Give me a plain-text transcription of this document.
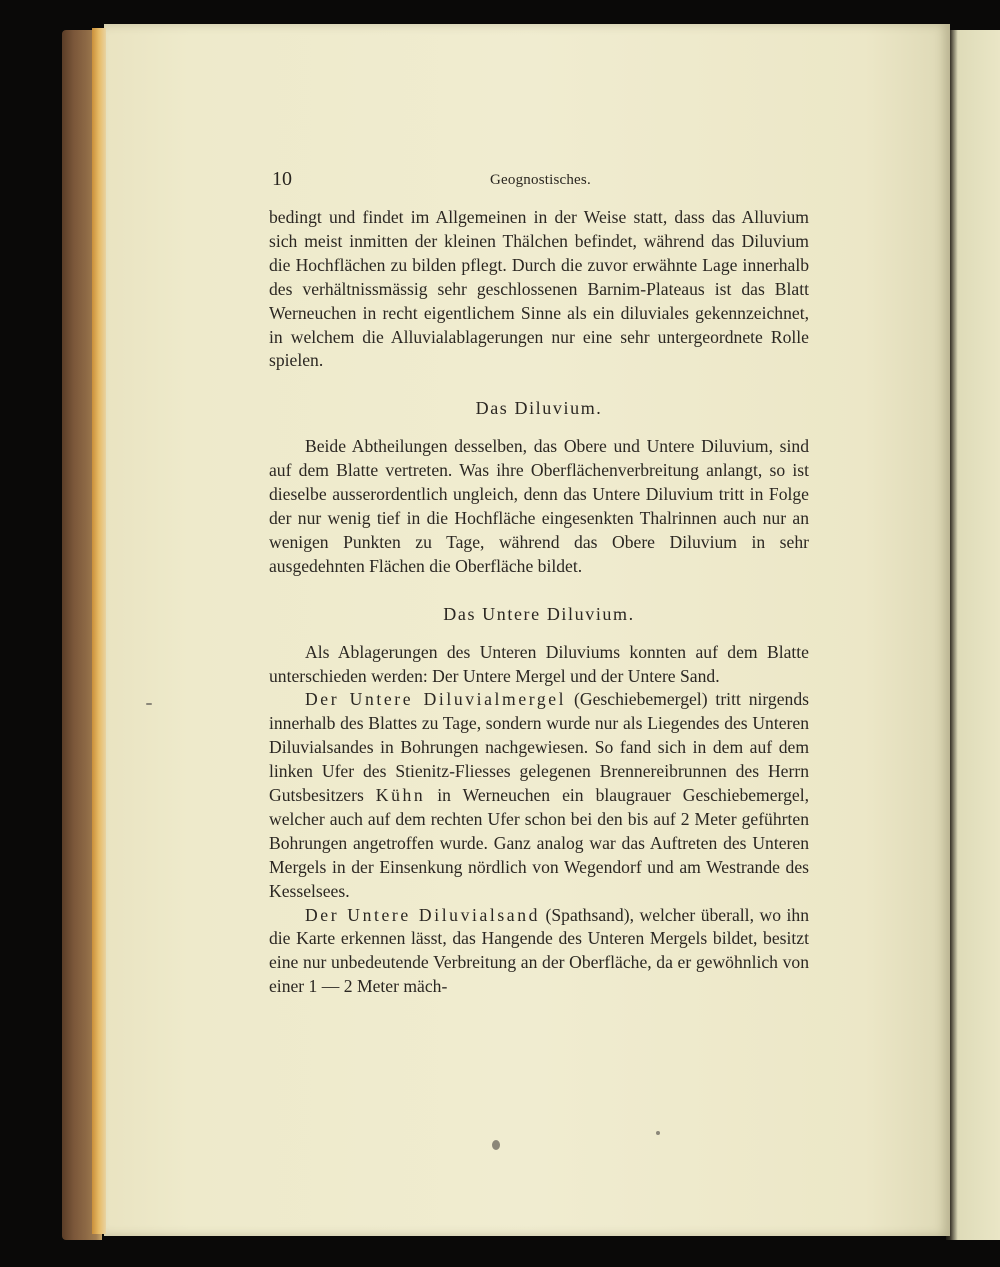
10	Geognostisches.

bedingt und findet im Allgemeinen in der Weise statt, dass das Alluvium sich meist inmitten der kleinen Thälchen befindet, während das Diluvium die Hochflächen zu bilden pflegt. Durch die zuvor erwähnte Lage innerhalb des verhältnissmässig sehr geschlossenen Barnim-Plateaus ist das Blatt Werneuchen in recht eigentlichem Sinne als ein diluviales gekennzeichnet, in welchem die Alluvialablagerungen nur eine sehr untergeordnete Rolle spielen.

Das Diluvium.

Beide Abtheilungen desselben, das Obere und Untere Diluvium, sind auf dem Blatte vertreten. Was ihre Oberflächenverbreitung anlangt, so ist dieselbe ausserordentlich ungleich, denn das Untere Diluvium tritt in Folge der nur wenig tief in die Hochfläche eingesenkten Thalrinnen auch nur an wenigen Punkten zu Tage, während das Obere Diluvium in sehr ausgedehnten Flächen die Oberfläche bildet.

Das Untere Diluvium.

Als Ablagerungen des Unteren Diluviums konnten auf dem Blatte unterschieden werden: Der Untere Mergel und der Untere Sand.

Der Untere Diluvialmergel (Geschiebemergel) tritt nirgends innerhalb des Blattes zu Tage, sondern wurde nur als Liegendes des Unteren Diluvialsandes in Bohrungen nachgewiesen. So fand sich in dem auf dem linken Ufer des Stienitz-Fliesses gelegenen Brennereibrunnen des Herrn Gutsbesitzers Kühn in Werneuchen ein blaugrauer Geschiebemergel, welcher auch auf dem rechten Ufer schon bei den bis auf 2 Meter geführten Bohrungen angetroffen wurde. Ganz analog war das Auftreten des Unteren Mergels in der Einsenkung nördlich von Wegendorf und am Westrande des Kesselsees.

Der Untere Diluvialsand (Spathsand), welcher überall, wo ihn die Karte erkennen lässt, das Hangende des Unteren Mergels bildet, besitzt eine nur unbedeutende Verbreitung an der Oberfläche, da er gewöhnlich von einer 1 — 2 Meter mäch-
